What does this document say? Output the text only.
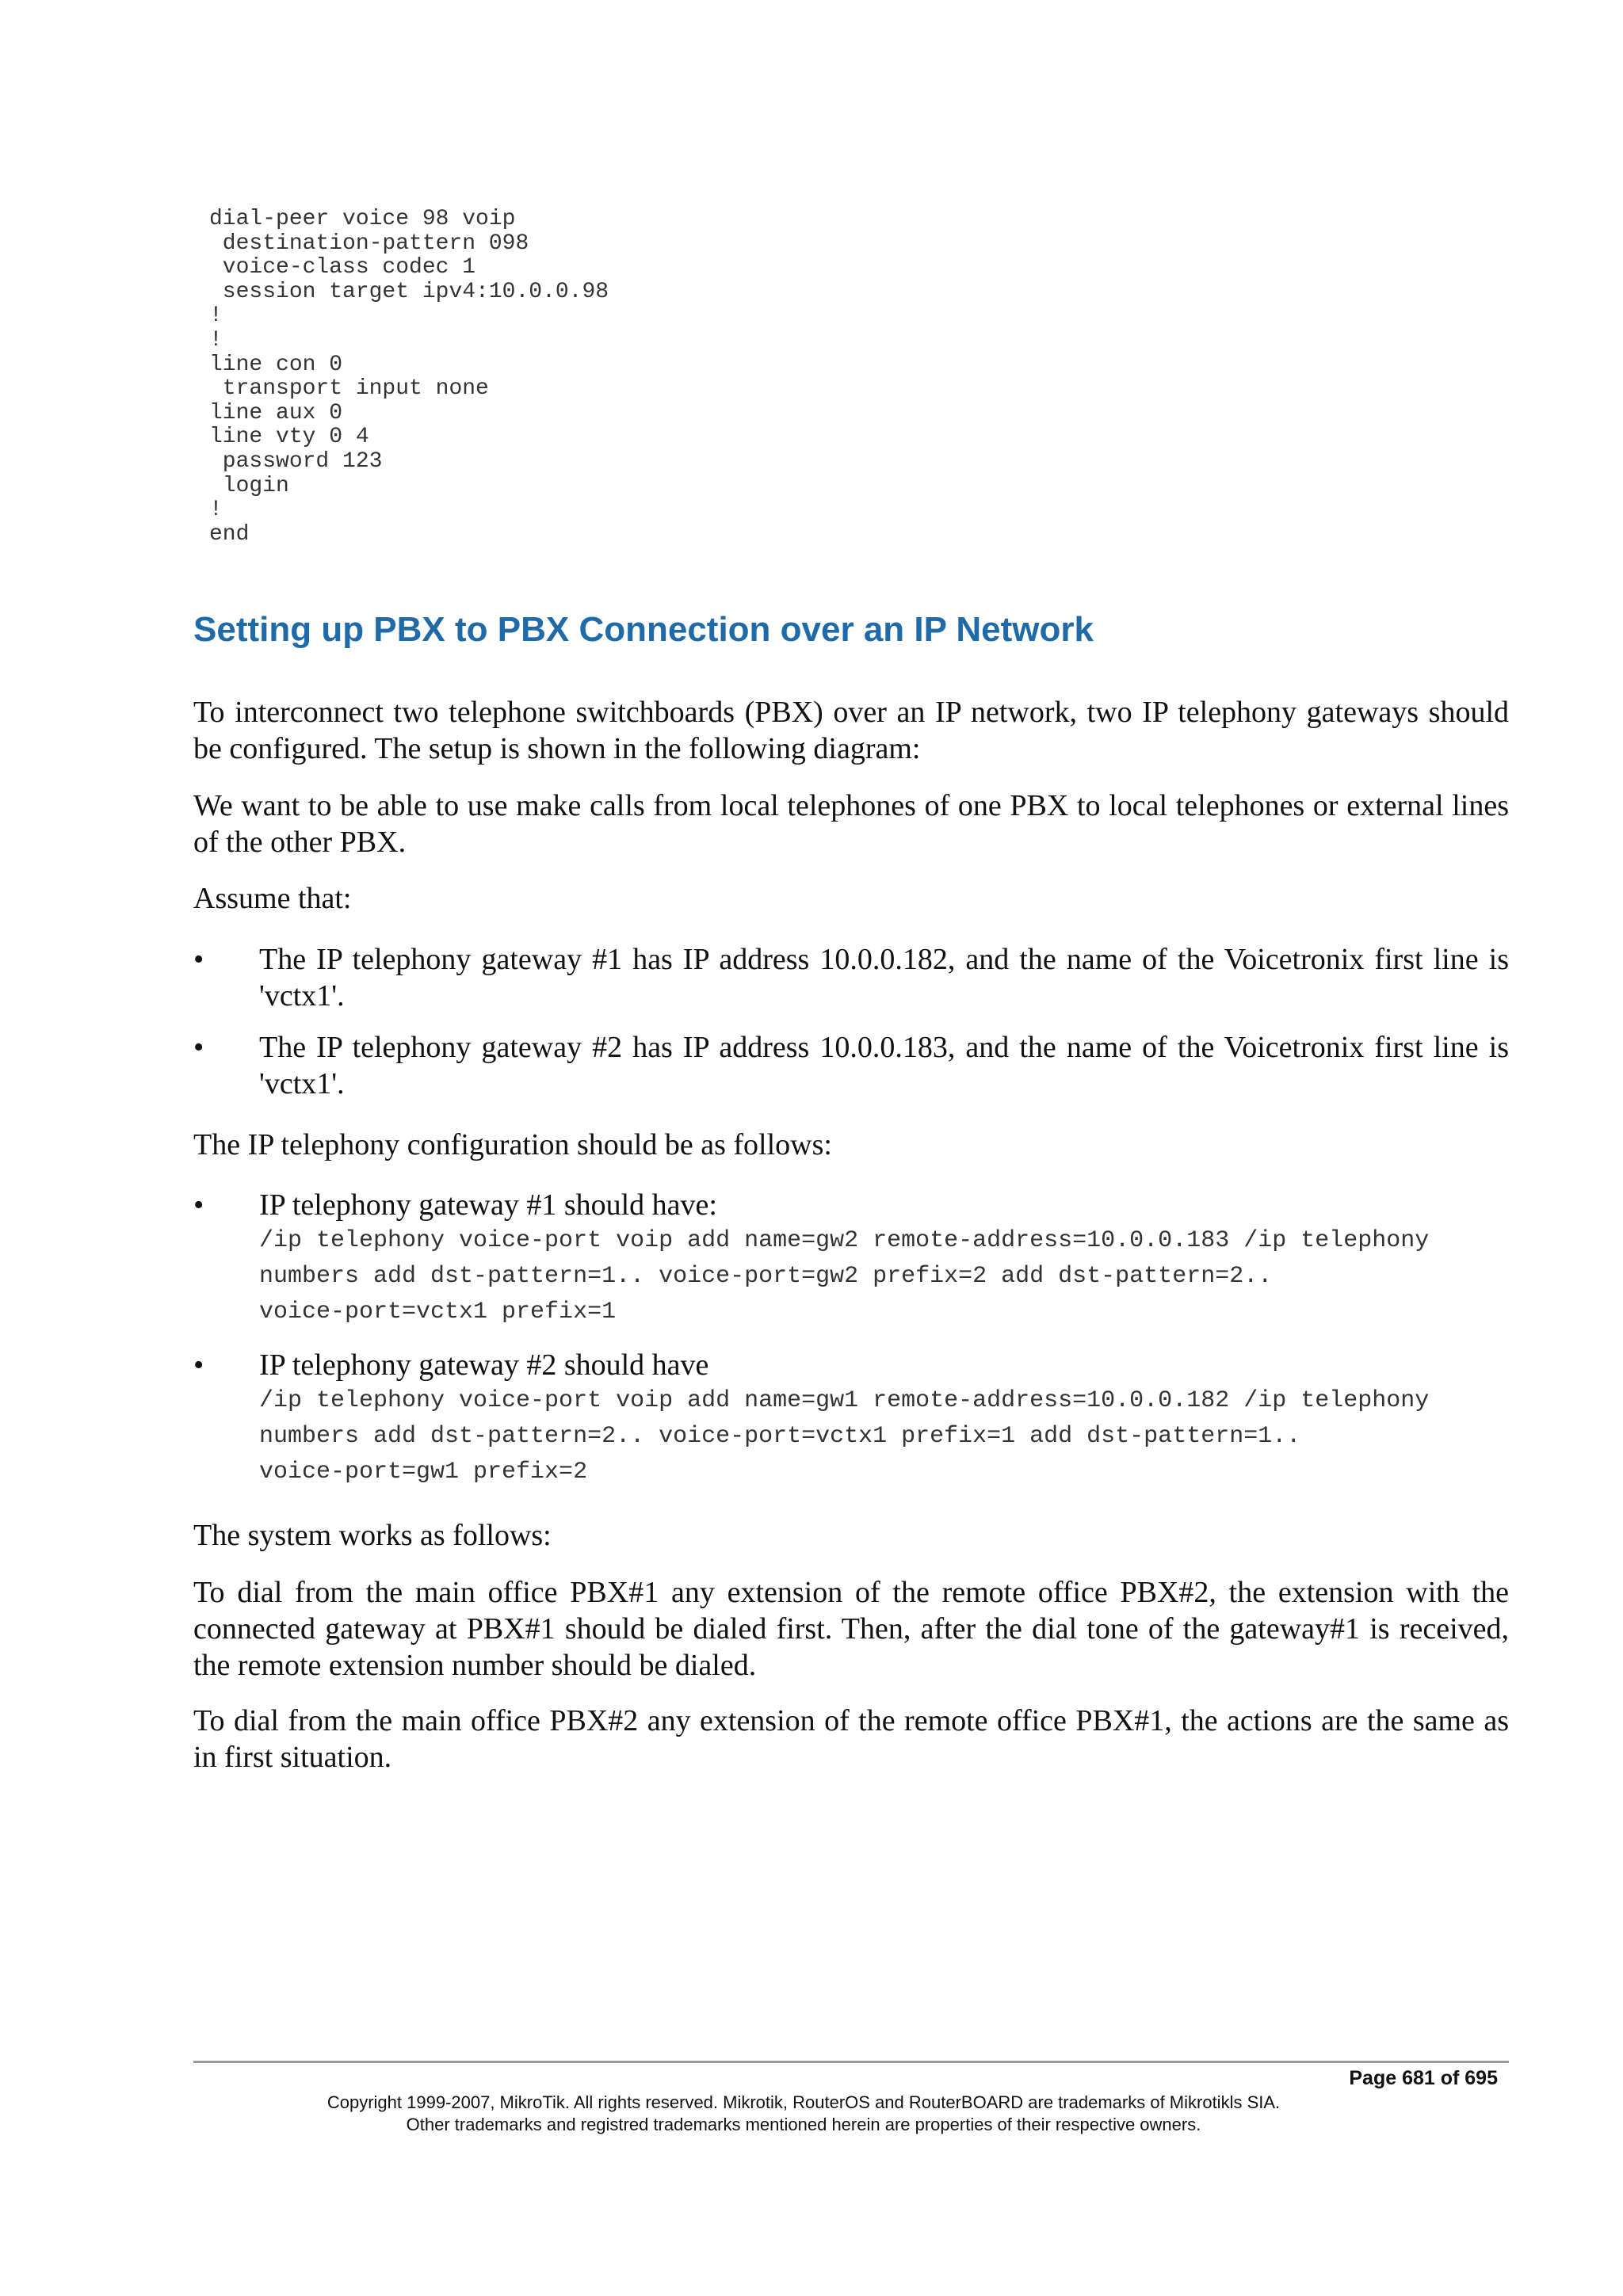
dial-peer voice 98 voip
destination-pattern 098
voice-class codec 1
session target ipv4:10.0.0.98
!
!
line con 0
transport input none
line aux 0
line vty 0 4
password 123
login
!
end
Setting up PBX to PBX Connection over an IP Network

To interconnect two telephone switchboards (PBX) over an IP network, two IP telephony gateways should be configured. The setup is shown in the following diagram:

We want to be able to use make calls from local telephones of one PBX to local telephones or external lines of the other PBX.

Assume that:

• The IP telephony gateway #1 has IP address 10.0.0.182, and the name of the Voicetronix first line is 'vctx1'.

• The IP telephony gateway #2 has IP address 10.0.0.183, and the name of the Voicetronix first line is 'vctx1'.

The IP telephony configuration should be as follows:

• IP telephony gateway #1 should have:

/ip telephony voice-port voip add name=gw2 remote-address=10.0.0.183 /ip telephony
numbers add dst-pattern=1.. voice-port=gw2 prefix=2 add dst-pattern=2..
voice-port=vctx1 prefix=1
• IP telephony gateway #2 should have

/ip telephony voice-port voip add name=gw1 remote-address=10.0.0.182 /ip telephony
numbers add dst-pattern=2.. voice-port=vctx1 prefix=1 add dst-pattern=1..
voice-port=gw1 prefix=2

The system works as follows:

To dial from the main office PBX#1 any extension of the remote office PBX#2, the extension with the connected gateway at PBX#1 should be dialed first. Then, after the dial tone of the gateway#1 is received, the remote extension number should be dialed.

To dial from the main office PBX#2 any extension of the remote office PBX#1, the actions are the same as in first situation.

Page 681 of 695
Copyright 1999-2007, MikroTik. All rights reserved. Mikrotik, RouterOS and RouterBOARD are trademarks of Mikrotikls SIA.
Other trademarks and registred trademarks mentioned herein are properties of their respective owners.
